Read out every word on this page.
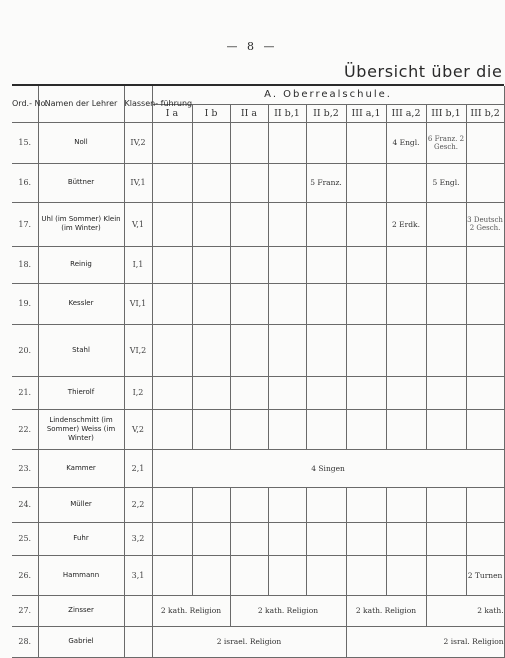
— 8 —
Übersicht über die
Ord.- No.	Namen der Lehrer	Klassen- führung	A. Oberrealschule.								
			I a	I b	II a	II b,1	II b,2	III a,1	III a,2	III b,1	III b,2
15.	Noll	IV,2							4 Engl.	6 Franz. 2 Gesch.	
16.	Büttner	IV,1					5 Franz.			5 Engl.	
17.	Uhl (im Sommer) Klein (im Winter)	V,1							2 Erdk.		3 Deutsch 2 Gesch.
18.	Reinig	I,1									
19.	Kessler	VI,1									
20.	Stahl	VI,2									
21.	Thierolf	I,2									
22.	Lindenschmitt (im Sommer) Weiss (im Winter)	V,2									
23.	Kammer	2,1	4 Singen								
24.	Müller	2,2									
25.	Fuhr	3,2									
26.	Hammann	3,1									2 Turnen
27.	Zinsser		2 kath. Religion		2 kath. Religion			2 kath. Religion		2 kath.	
28.	Gabriel		2 israel. Religion					2 isral. Religion			
